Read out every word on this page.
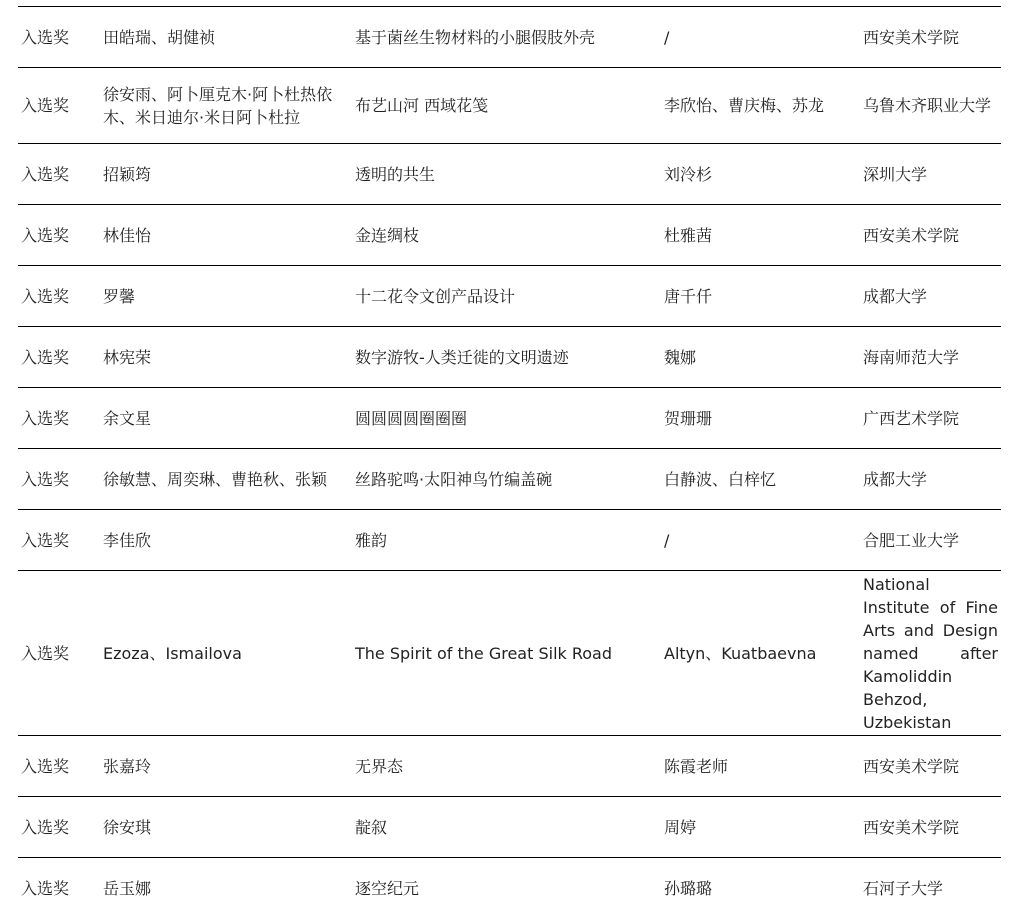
入选奖	田皓瑞、胡健祯	基于菌丝生物材料的小腿假肢外壳	/	西安美术学院
入选奖	徐安雨、阿卜厘克木·阿卜杜热依木、米日迪尔·米日阿卜杜拉	布艺山河 西域花笺	李欣怡、曹庆梅、苏龙	乌鲁木齐职业大学
入选奖	招颖筠	透明的共生	刘泠杉	深圳大学
入选奖	林佳怡	金连绸枝	杜雅茜	西安美术学院
入选奖	罗馨	十二花令文创产品设计	唐千仟	成都大学
入选奖	林宪荣	数字游牧-人类迁徙的文明遗迹	魏娜	海南师范大学
入选奖	余文星	圆圆圆圆圈圈圈	贺珊珊	广西艺术学院
入选奖	徐敏慧、周奕琳、曹艳秋、张颖	丝路驼鸣·太阳神鸟竹编盖碗	白静波、白梓忆	成都大学
入选奖	李佳欣	雅韵	/	合肥工业大学
入选奖	Ezoza、Ismailova	The Spirit of the Great Silk Road	Altyn、Kuatbaevna	National Institute of Fine Arts and Design named after Kamoliddin Behzod, Uzbekistan
入选奖	张嘉玲	无界态	陈霞老师	西安美术学院
入选奖	徐安琪	靛叙	周婷	西安美术学院
入选奖	岳玉娜	逐空纪元	孙璐璐	石河子大学
